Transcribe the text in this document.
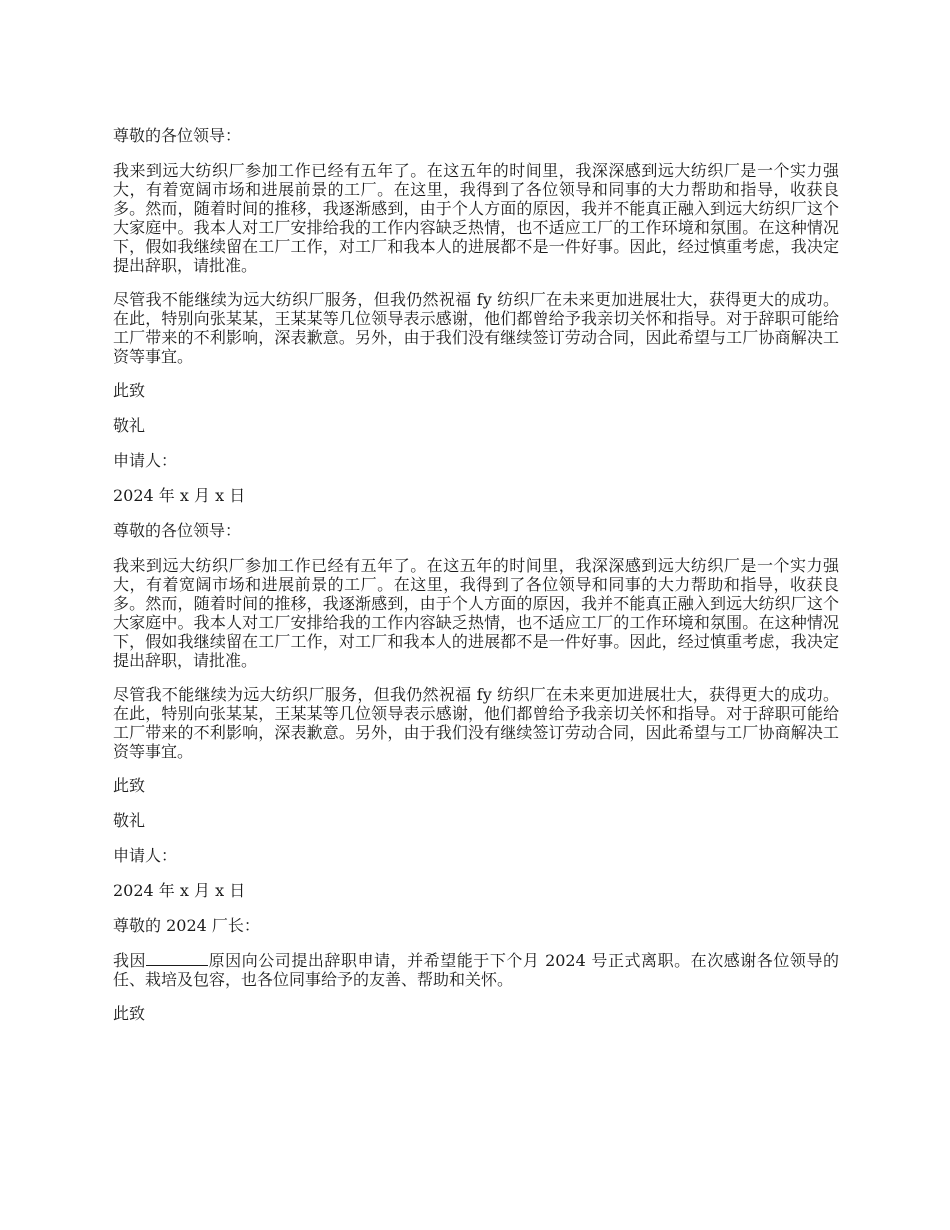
尊敬的各位领导：

我来到远大纺织厂参加工作已经有五年了。在这五年的时间里，我深深感到远大纺织厂是一个实力强大，有着宽阔市场和进展前景的工厂。在这里，我得到了各位领导和同事的大力帮助和指导，收获良多。然而，随着时间的推移，我逐渐感到，由于个人方面的原因，我并不能真正融入到远大纺织厂这个大家庭中。我本人对工厂安排给我的工作内容缺乏热情，也不适应工厂的工作环境和氛围。在这种情况下，假如我继续留在工厂工作，对工厂和我本人的进展都不是一件好事。因此，经过慎重考虑，我决定提出辞职，请批准。

尽管我不能继续为远大纺织厂服务，但我仍然祝福 fy 纺织厂在未来更加进展壮大，获得更大的成功。在此，特别向张某某，王某某等几位领导表示感谢，他们都曾给予我亲切关怀和指导。对于辞职可能给工厂带来的不利影响，深表歉意。另外，由于我们没有继续签订劳动合同，因此希望与工厂协商解决工资等事宜。

此致

敬礼

申请人：

2024 年 x 月 x 日

尊敬的各位领导：

我来到远大纺织厂参加工作已经有五年了。在这五年的时间里，我深深感到远大纺织厂是一个实力强大，有着宽阔市场和进展前景的工厂。在这里，我得到了各位领导和同事的大力帮助和指导，收获良多。然而，随着时间的推移，我逐渐感到，由于个人方面的原因，我并不能真正融入到远大纺织厂这个大家庭中。我本人对工厂安排给我的工作内容缺乏热情，也不适应工厂的工作环境和氛围。在这种情况下，假如我继续留在工厂工作，对工厂和我本人的进展都不是一件好事。因此，经过慎重考虑，我决定提出辞职，请批准。

尽管我不能继续为远大纺织厂服务，但我仍然祝福 fy 纺织厂在未来更加进展壮大，获得更大的成功。在此，特别向张某某，王某某等几位领导表示感谢，他们都曾给予我亲切关怀和指导。对于辞职可能给工厂带来的不利影响，深表歉意。另外，由于我们没有继续签订劳动合同，因此希望与工厂协商解决工资等事宜。

此致

敬礼

申请人：

2024 年 x 月 x 日

尊敬的 2024 厂长：

我因	原因向公司提出辞职申请，并希望能于下个月 2024 号正式离职。在次感谢各位领导的任、栽培及包容，也各位同事给予的友善、帮助和关怀。

此致
